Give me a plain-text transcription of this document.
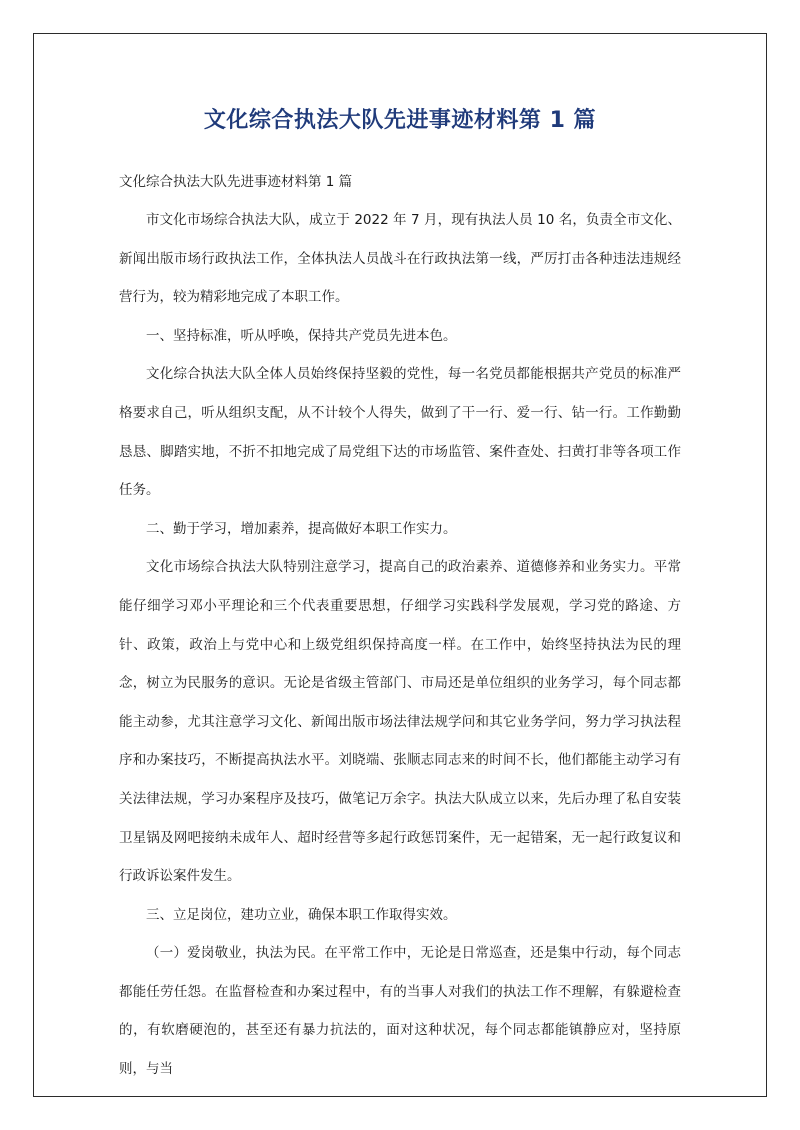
文化综合执法大队先进事迹材料第 1 篇

文化综合执法大队先进事迹材料第 1 篇

市文化市场综合执法大队，成立于 2022 年 7 月，现有执法人员 10 名，负责全市文化、新闻出版市场行政执法工作，全体执法人员战斗在行政执法第一线，严厉打击各种违法违规经营行为，较为精彩地完成了本职工作。

一、坚持标准，听从呼唤，保持共产党员先进本色。

文化综合执法大队全体人员始终保持坚毅的党性，每一名党员都能根据共产党员的标准严格要求自己，听从组织支配，从不计较个人得失，做到了干一行、爱一行、钻一行。工作勤勤恳恳、脚踏实地，不折不扣地完成了局党组下达的市场监管、案件查处、扫黄打非等各项工作任务。

二、勤于学习，增加素养，提高做好本职工作实力。

文化市场综合执法大队特别注意学习，提高自己的政治素养、道德修养和业务实力。平常能仔细学习邓小平理论和三个代表重要思想，仔细学习实践科学发展观，学习党的路途、方针、政策，政治上与党中心和上级党组织保持高度一样。在工作中，始终坚持执法为民的理念，树立为民服务的意识。无论是省级主管部门、市局还是单位组织的业务学习，每个同志都能主动参，尤其注意学习文化、新闻出版市场法律法规学问和其它业务学问，努力学习执法程序和办案技巧，不断提高执法水平。刘晓端、张顺志同志来的时间不长，他们都能主动学习有关法律法规，学习办案程序及技巧，做笔记万余字。执法大队成立以来，先后办理了私自安装卫星锅及网吧接纳未成年人、超时经营等多起行政惩罚案件，无一起错案，无一起行政复议和行政诉讼案件发生。

三、立足岗位，建功立业，确保本职工作取得实效。

（一）爱岗敬业，执法为民。在平常工作中，无论是日常巡查，还是集中行动，每个同志都能任劳任怨。在监督检查和办案过程中，有的当事人对我们的执法工作不理解，有躲避检查的，有软磨硬泡的，甚至还有暴力抗法的，面对这种状况，每个同志都能镇静应对，坚持原则，与当
